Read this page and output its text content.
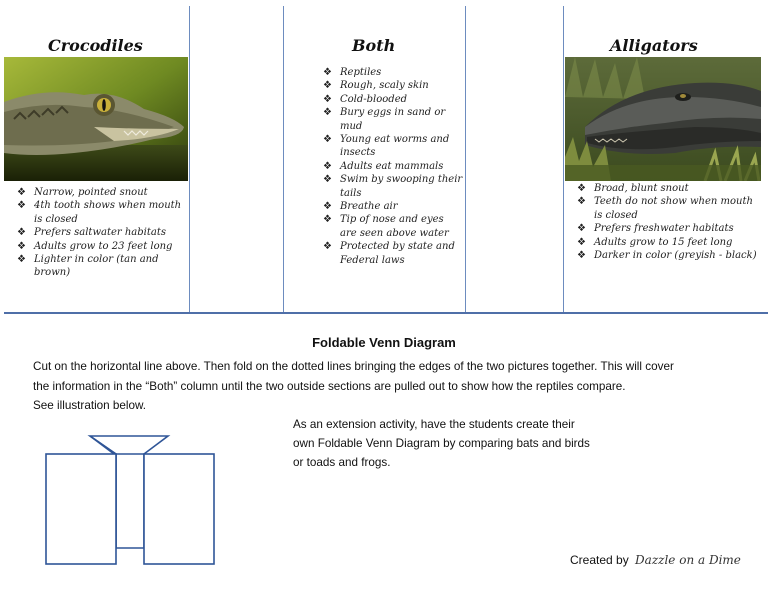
Crocodiles
❖ Narrow, pointed snout
❖ 4th tooth shows when mouth is closed
❖ Prefers saltwater habitats
❖ Adults grow to 23 feet long
❖ Lighter in color (tan and brown)
Both
❖ Reptiles
❖ Rough, scaly skin
❖ Cold-blooded
❖ Bury eggs in sand or mud
❖ Young eat worms and insects
❖ Adults eat mammals
❖ Swim by swooping their tails
❖ Breathe air
❖ Tip of nose and eyes are seen above water
❖ Protected by state and Federal laws
Alligators
❖ Broad, blunt snout
❖ Teeth do not show when mouth is closed
❖ Prefers freshwater habitats
❖ Adults grow to 15 feet long
❖ Darker in color (greyish - black)
Foldable Venn Diagram
Cut on the horizontal line above. Then fold on the dotted lines bringing the edges of the two pictures together. This will cover
the information in the “Both” column until the two outside sections are pulled out to show how the reptiles compare.
See illustration below.
As an extension activity, have the students create their
own Foldable Venn Diagram by comparing bats and birds
or toads and frogs.
Created by Dazzle on a Dime
